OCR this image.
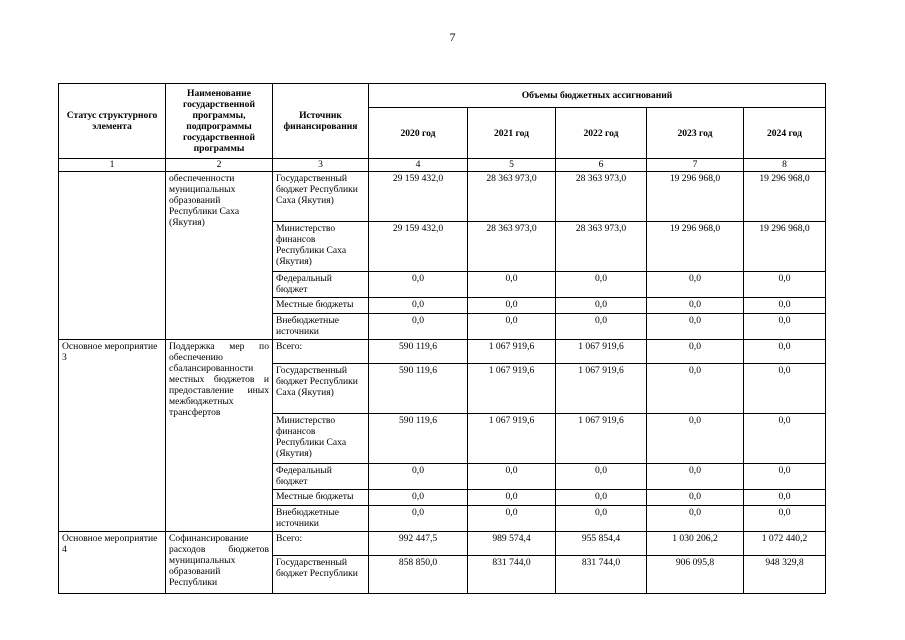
7
Статус структурного элемента	Наименование государственной программы, подпрограммы государственной программы	Источник финансирования	Объемы бюджетных ассигнований				
			2020 год	2021 год	2022 год	2023 год	2024 год
1	2	3	4	5	6	7	8
	обеспеченности муниципальных образований Республики Саха (Якутия)	Государственный бюджет Республики Саха (Якутия)	29 159 432,0	28 363 973,0	28 363 973,0	19 296 968,0	19 296 968,0
		Министерство финансов Республики Саха (Якутия)	29 159 432,0	28 363 973,0	28 363 973,0	19 296 968,0	19 296 968,0
		Федеральный бюджет	0,0	0,0	0,0	0,0	0,0
		Местные бюджеты	0,0	0,0	0,0	0,0	0,0
		Внебюджетные источники	0,0	0,0	0,0	0,0	0,0
Основное мероприятие 3	Поддержка мер по обеспечению сбалансированности местных бюджетов и предоставление иных межбюджетных трансфертов	Всего:	590 119,6	1 067 919,6	1 067 919,6	0,0	0,0
		Государственный бюджет Республики Саха (Якутия)	590 119,6	1 067 919,6	1 067 919,6	0,0	0,0
		Министерство финансов Республики Саха (Якутия)	590 119,6	1 067 919,6	1 067 919,6	0,0	0,0
		Федеральный бюджет	0,0	0,0	0,0	0,0	0,0
		Местные бюджеты	0,0	0,0	0,0	0,0	0,0
		Внебюджетные источники	0,0	0,0	0,0	0,0	0,0
Основное мероприятие 4	Софинансирование расходов бюджетов муниципальных образований Республики	Всего:	992 447,5	989 574,4	955 854,4	1 030 206,2	1 072 440,2
		Государственный бюджет Республики	858 850,0	831 744,0	831 744,0	906 095,8	948 329,8
